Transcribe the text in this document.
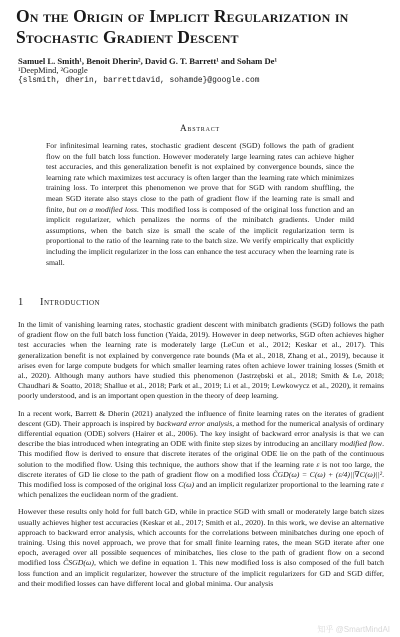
On the Origin of Implicit Regularization in Stochastic Gradient Descent
Samuel L. Smith¹, Benoit Dherin², David G. T. Barrett¹ and Soham De¹
¹DeepMind, ²Google
{slsmith, dherin, barrettdavid, sohamde}@google.com
Abstract
For infinitesimal learning rates, stochastic gradient descent (SGD) follows the path of gradient flow on the full batch loss function. However moderately large learning rates can achieve higher test accuracies, and this generalization benefit is not explained by convergence bounds, since the learning rate which maximizes test accuracy is often larger than the learning rate which minimizes training loss. To interpret this phenomenon we prove that for SGD with random shuffling, the mean SGD iterate also stays close to the path of gradient flow if the learning rate is small and finite, but on a modified loss. This modified loss is composed of the original loss function and an implicit regularizer, which penalizes the norms of the minibatch gradients. Under mild assumptions, when the batch size is small the scale of the implicit regularization term is proportional to the ratio of the learning rate to the batch size. We verify empirically that explicitly including the implicit regularizer in the loss can enhance the test accuracy when the learning rate is small.
1 Introduction

In the limit of vanishing learning rates, stochastic gradient descent with minibatch gradients (SGD) follows the path of gradient flow on the full batch loss function (Yaida, 2019). However in deep networks, SGD often achieves higher test accuracies when the learning rate is moderately large (LeCun et al., 2012; Keskar et al., 2017). This generalization benefit is not explained by convergence rate bounds (Ma et al., 2018, Zhang et al., 2019), because it arises even for large compute budgets for which smaller learning rates often achieve lower training losses (Smith et al., 2020). Although many authors have studied this phenomenon (Jastrzębski et al., 2018; Smith & Le, 2018; Chaudhari & Soatto, 2018; Shallue et al., 2018; Park et al., 2019; Li et al., 2019; Lewkowycz et al., 2020), it remains poorly understood, and is an important open question in the theory of deep learning.

In a recent work, Barrett & Dherin (2021) analyzed the influence of finite learning rates on the iterates of gradient descent (GD). Their approach is inspired by backward error analysis, a method for the numerical analysis of ordinary differential equation (ODE) solvers (Hairer et al., 2006). The key insight of backward error analysis is that we can describe the bias introduced when integrating an ODE with finite step sizes by introducing an ancillary modified flow. This modified flow is derived to ensure that discrete iterates of the original ODE lie on the path of the continuous solution to the modified flow. Using this technique, the authors show that if the learning rate ε is not too large, the discrete iterates of GD lie close to the path of gradient flow on a modified loss C̃GD(ω) = C(ω) + (ε/4)||∇C(ω)||². This modified loss is composed of the original loss C(ω) and an implicit regularizer proportional to the learning rate ε which penalizes the euclidean norm of the gradient.

However these results only hold for full batch GD, while in practice SGD with small or moderately large batch sizes usually achieves higher test accuracies (Keskar et al., 2017; Smith et al., 2020). In this work, we devise an alternative approach to backward error analysis, which accounts for the correlations between minibatches during one epoch of training. Using this novel approach, we prove that for small finite learning rates, the mean SGD iterate after one epoch, averaged over all possible sequences of minibatches, lies close to the path of gradient flow on a second modified loss C̃SGD(ω), which we define in equation 1. This new modified loss is also composed of the full batch loss function and an implicit regularizer, however the structure of the implicit regularizers for GD and SGD differ, and their modified losses can have different local and global minima. Our analysis

知乎 @SmartMindAI
